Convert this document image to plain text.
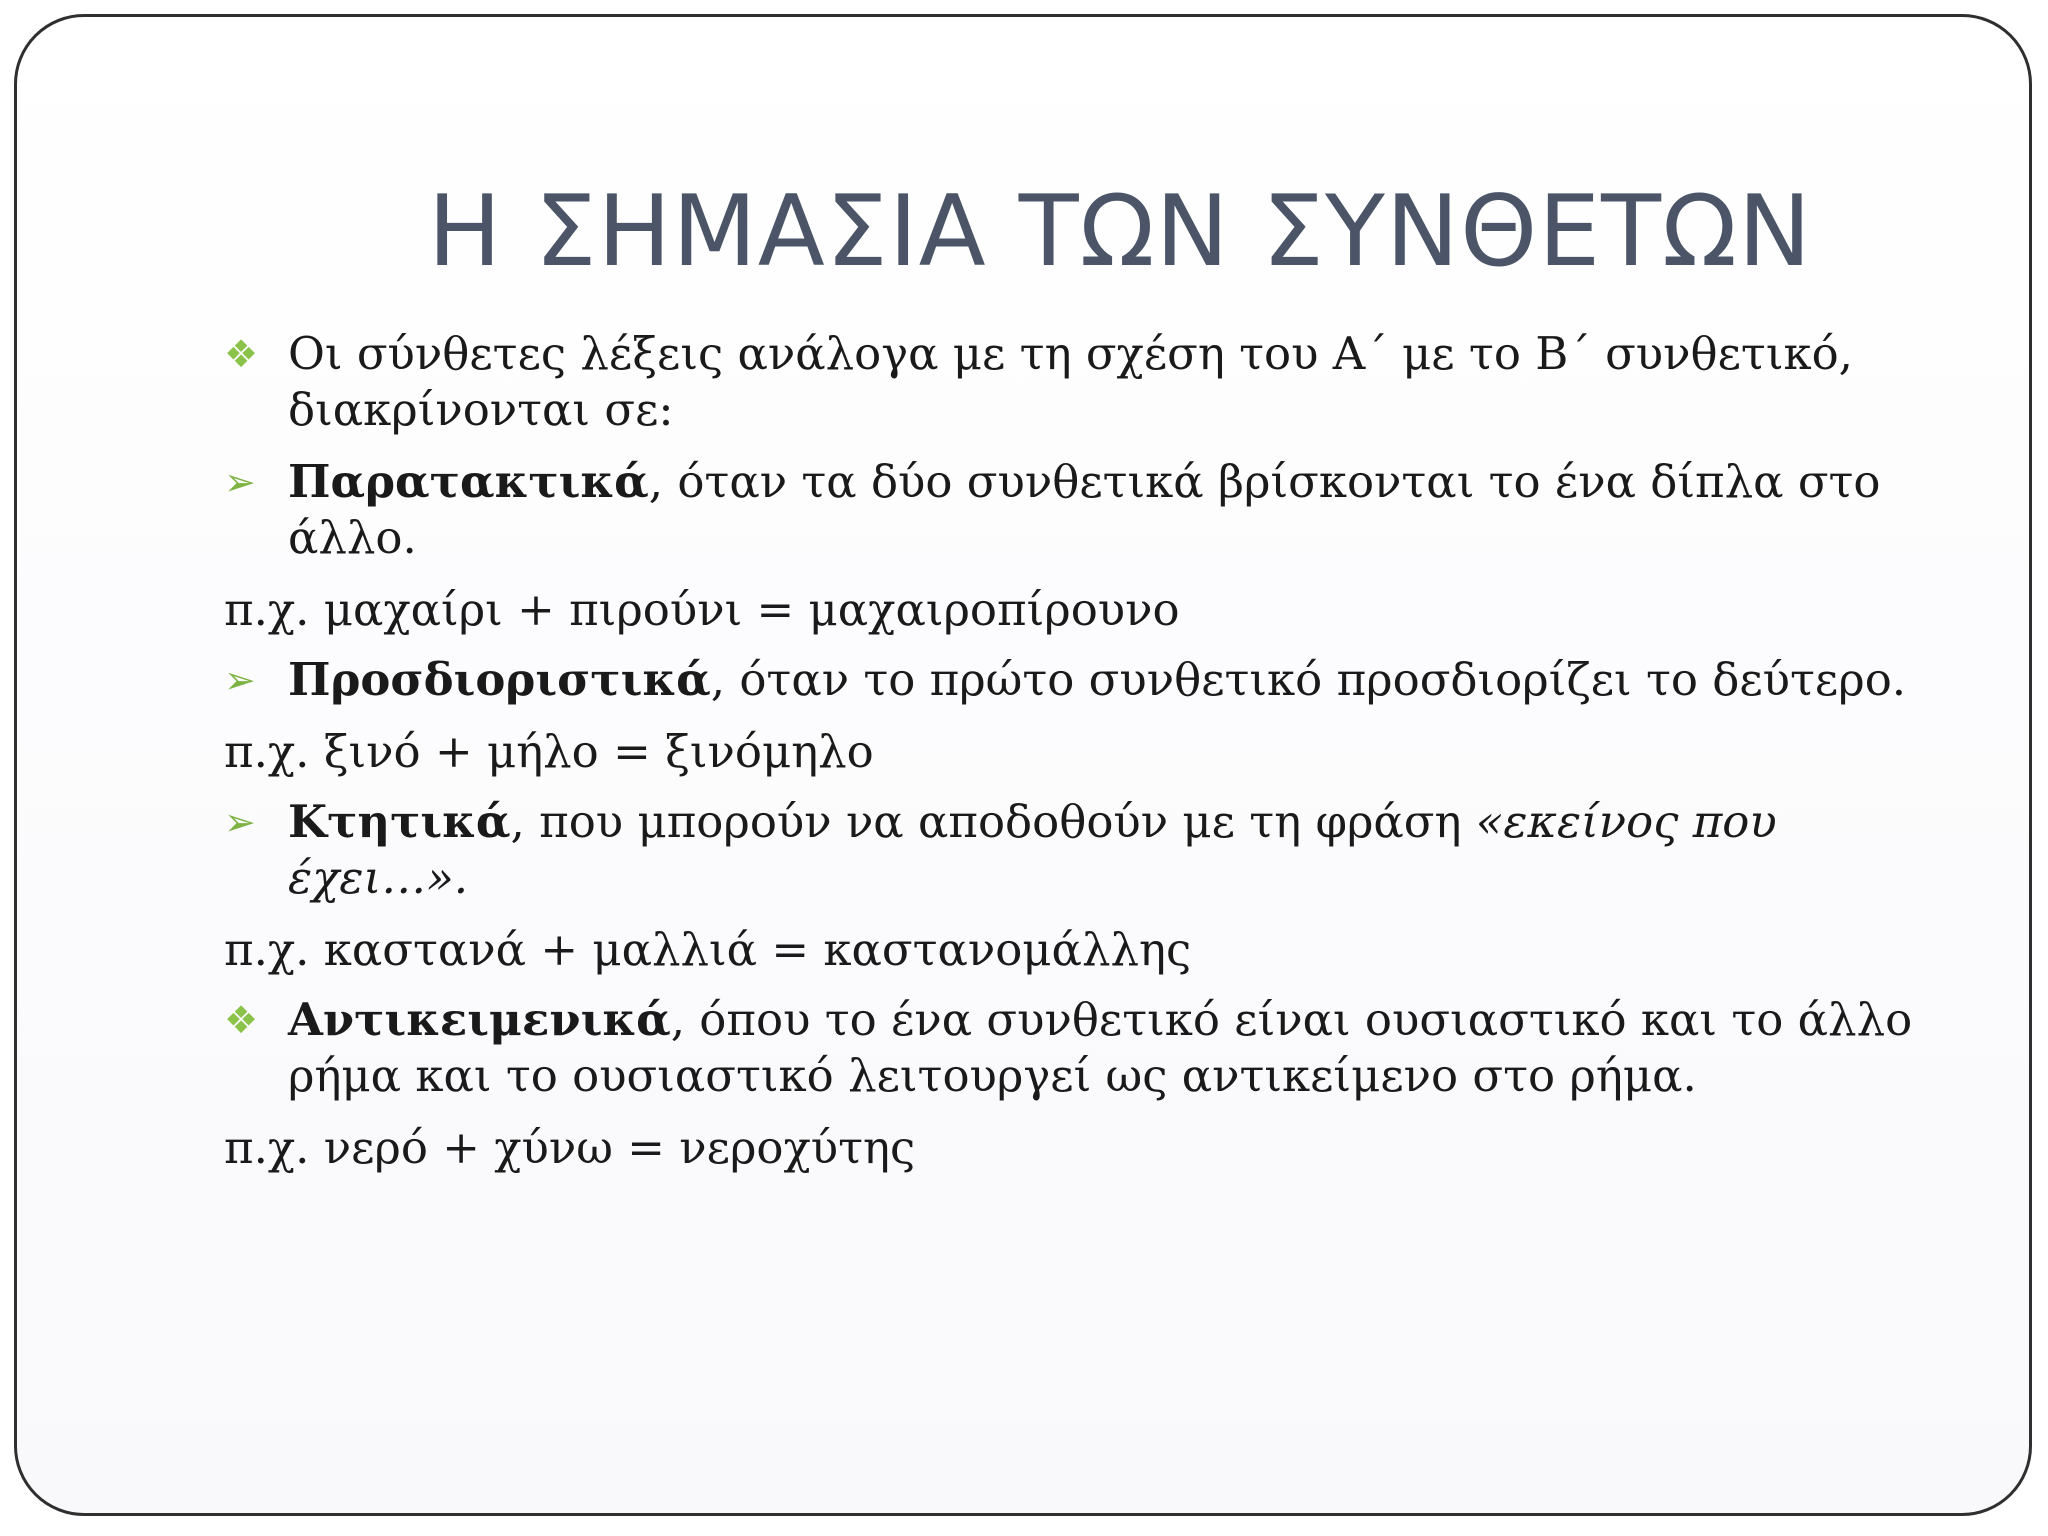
Η ΣΗΜΑΣΙΑ ΤΩΝ ΣΥΝΘΕΤΩΝ
❖ Οι σύνθετες λέξεις ανάλογα με τη σχέση του Α΄ με το Β΄ συνθετικό, διακρίνονται σε:
➢ Παρατακτικά, όταν τα δύο συνθετικά βρίσκονται το ένα δίπλα στο άλλο.
π.χ. μαχαίρι + πιρούνι = μαχαιροπίρουνο
➢ Προσδιοριστικά, όταν το πρώτο συνθετικό προσδιορίζει το δεύτερο.
π.χ. ξινό + μήλο = ξινόμηλο
➢ Κτητικά, που μπορούν να αποδοθούν με τη φράση «εκείνος που έχει…».
π.χ. καστανά + μαλλιά = καστανομάλλης
❖ Αντικειμενικά, όπου το ένα συνθετικό είναι ουσιαστικό και το άλλο ρήμα και το ουσιαστικό λειτουργεί ως αντικείμενο στο ρήμα.
π.χ. νερό + χύνω = νεροχύτης
